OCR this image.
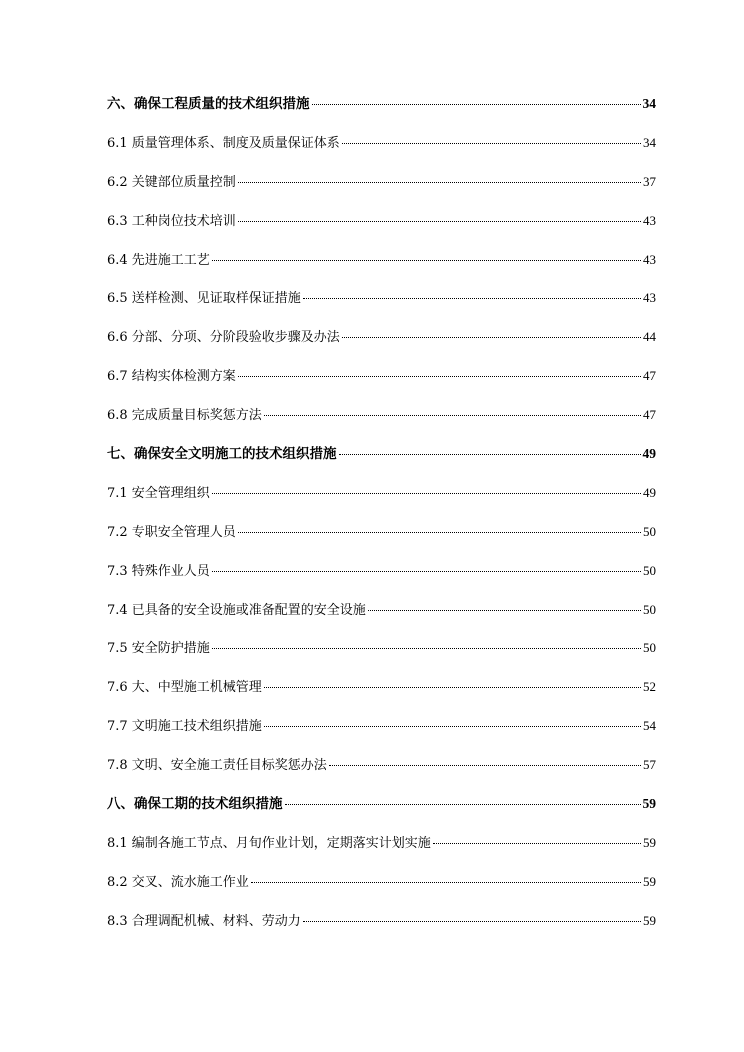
六、确保工程质量的技术组织措施	34
6.1 质量管理体系、制度及质量保证体系	34
6.2 关键部位质量控制	37
6.3 工种岗位技术培训	43
6.4 先进施工工艺	43
6.5 送样检测、见证取样保证措施	43
6.6 分部、分项、分阶段验收步骤及办法	44
6.7 结构实体检测方案	47
6.8 完成质量目标奖惩方法	47
七、确保安全文明施工的技术组织措施	49
7.1 安全管理组织	49
7.2 专职安全管理人员	50
7.3 特殊作业人员	50
7.4 已具备的安全设施或准备配置的安全设施	50
7.5 安全防护措施	50
7.6 大、中型施工机械管理	52
7.7 文明施工技术组织措施	54
7.8 文明、安全施工责任目标奖惩办法	57
八、确保工期的技术组织措施	59
8.1 编制各施工节点、月旬作业计划，定期落实计划实施	59
8.2 交叉、流水施工作业	59
8.3 合理调配机械、材料、劳动力	59
